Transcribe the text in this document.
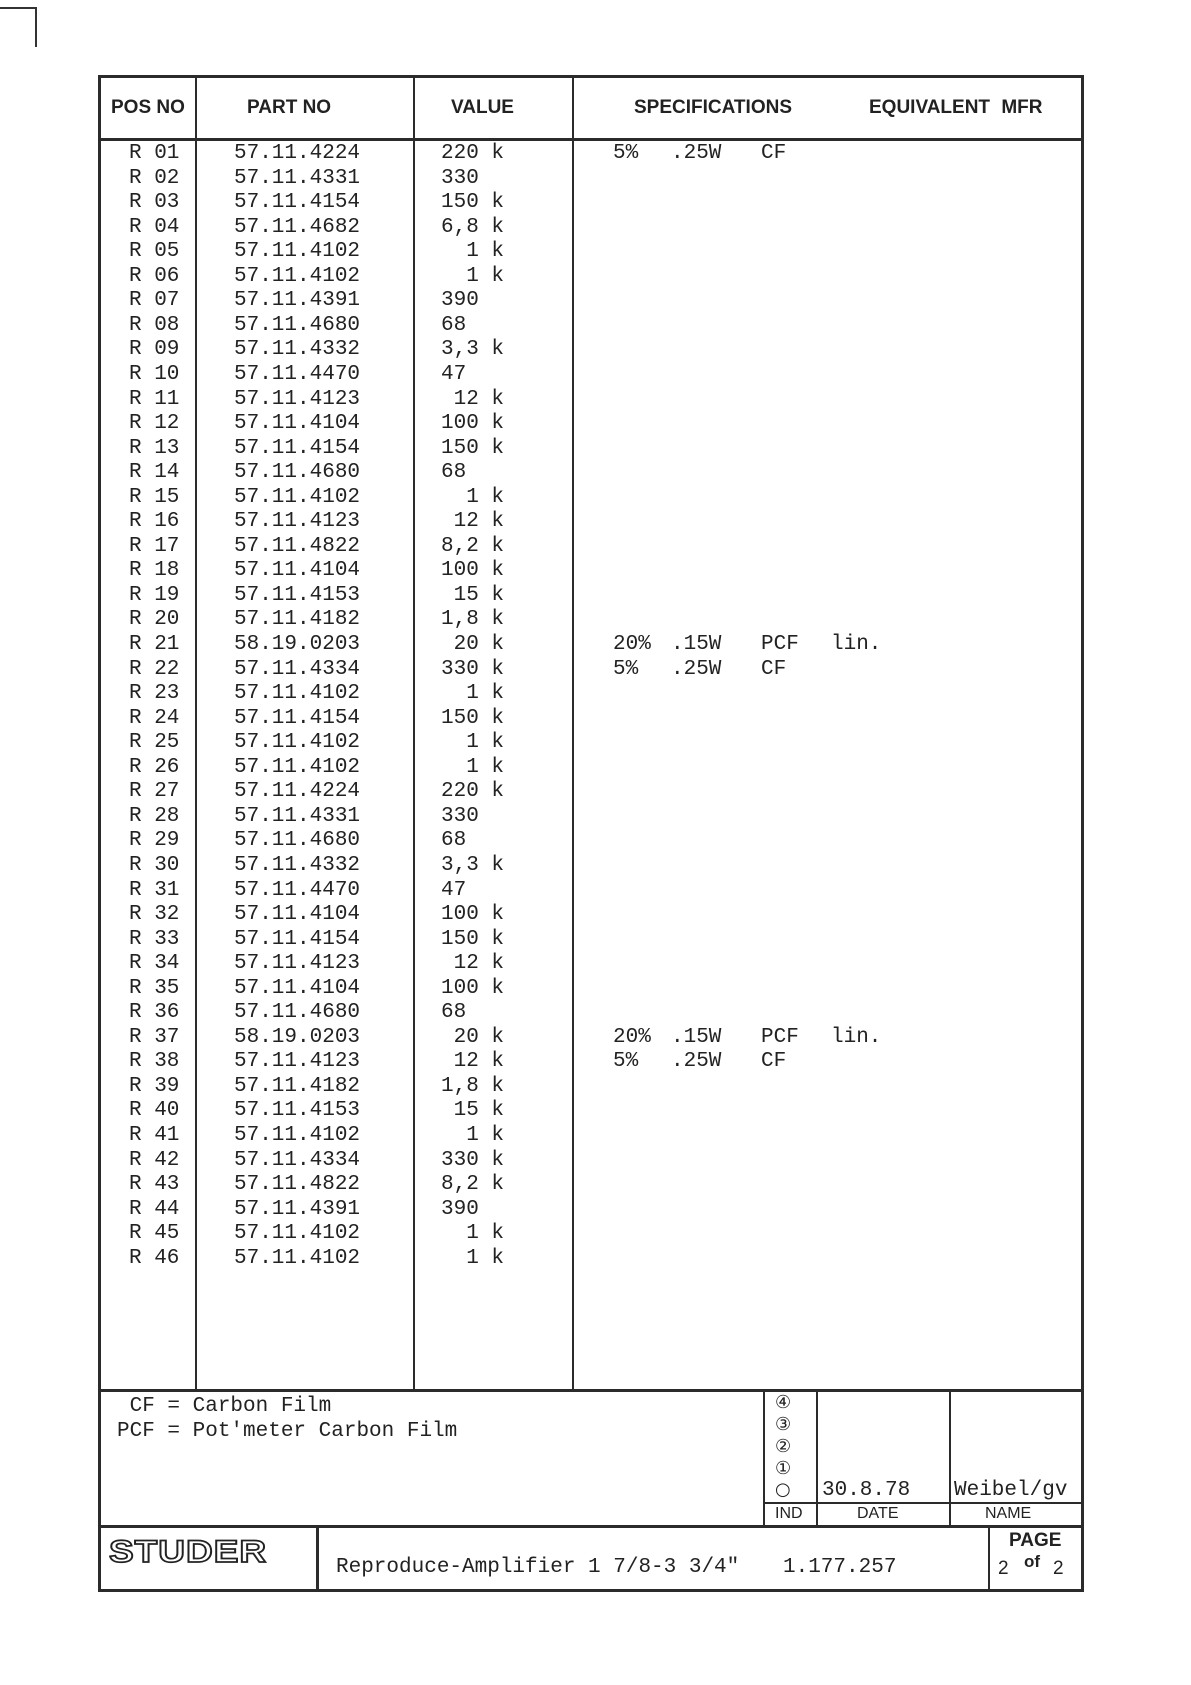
POS NO	PART NO	VALUE	SPECIFICATIONS	EQUIVALENT MFR
R 01	57.11.4224	220 k	5% .25W CF
R 02	57.11.4331	330
R 03	57.11.4154	150 k
R 04	57.11.4682	6,8 k
R 05	57.11.4102	1 k
R 06	57.11.4102	1 k
R 07	57.11.4391	390
R 08	57.11.4680	68
R 09	57.11.4332	3,3 k
R 10	57.11.4470	47
R 11	57.11.4123	12 k
R 12	57.11.4104	100 k
R 13	57.11.4154	150 k
R 14	57.11.4680	68
R 15	57.11.4102	1 k
R 16	57.11.4123	12 k
R 17	57.11.4822	8,2 k
R 18	57.11.4104	100 k
R 19	57.11.4153	15 k
R 20	57.11.4182	1,8 k
R 21	58.19.0203	20 k	20% .15W PCF lin.
R 22	57.11.4334	330 k	5% .25W CF
R 23	57.11.4102	1 k
R 24	57.11.4154	150 k
R 25	57.11.4102	1 k
R 26	57.11.4102	1 k
R 27	57.11.4224	220 k
R 28	57.11.4331	330
R 29	57.11.4680	68
R 30	57.11.4332	3,3 k
R 31	57.11.4470	47
R 32	57.11.4104	100 k
R 33	57.11.4154	150 k
R 34	57.11.4123	12 k
R 35	57.11.4104	100 k
R 36	57.11.4680	68
R 37	58.19.0203	20 k	20% .15W PCF lin.
R 38	57.11.4123	12 k	5% .25W CF
R 39	57.11.4182	1,8 k
R 40	57.11.4153	15 k
R 41	57.11.4102	1 k
R 42	57.11.4334	330 k
R 43	57.11.4822	8,2 k
R 44	57.11.4391	390
R 45	57.11.4102	1 k
R 46	57.11.4102	1 k
CF = Carbon Film
PCF = Pot'meter Carbon Film
④
③
②
①
○ 30.8.78 Weibel/gv
IND	DATE	NAME
STUDER	Reproduce-Amplifier 1 7/8-3 3/4" 1.177.257
PAGE
2 of 2
